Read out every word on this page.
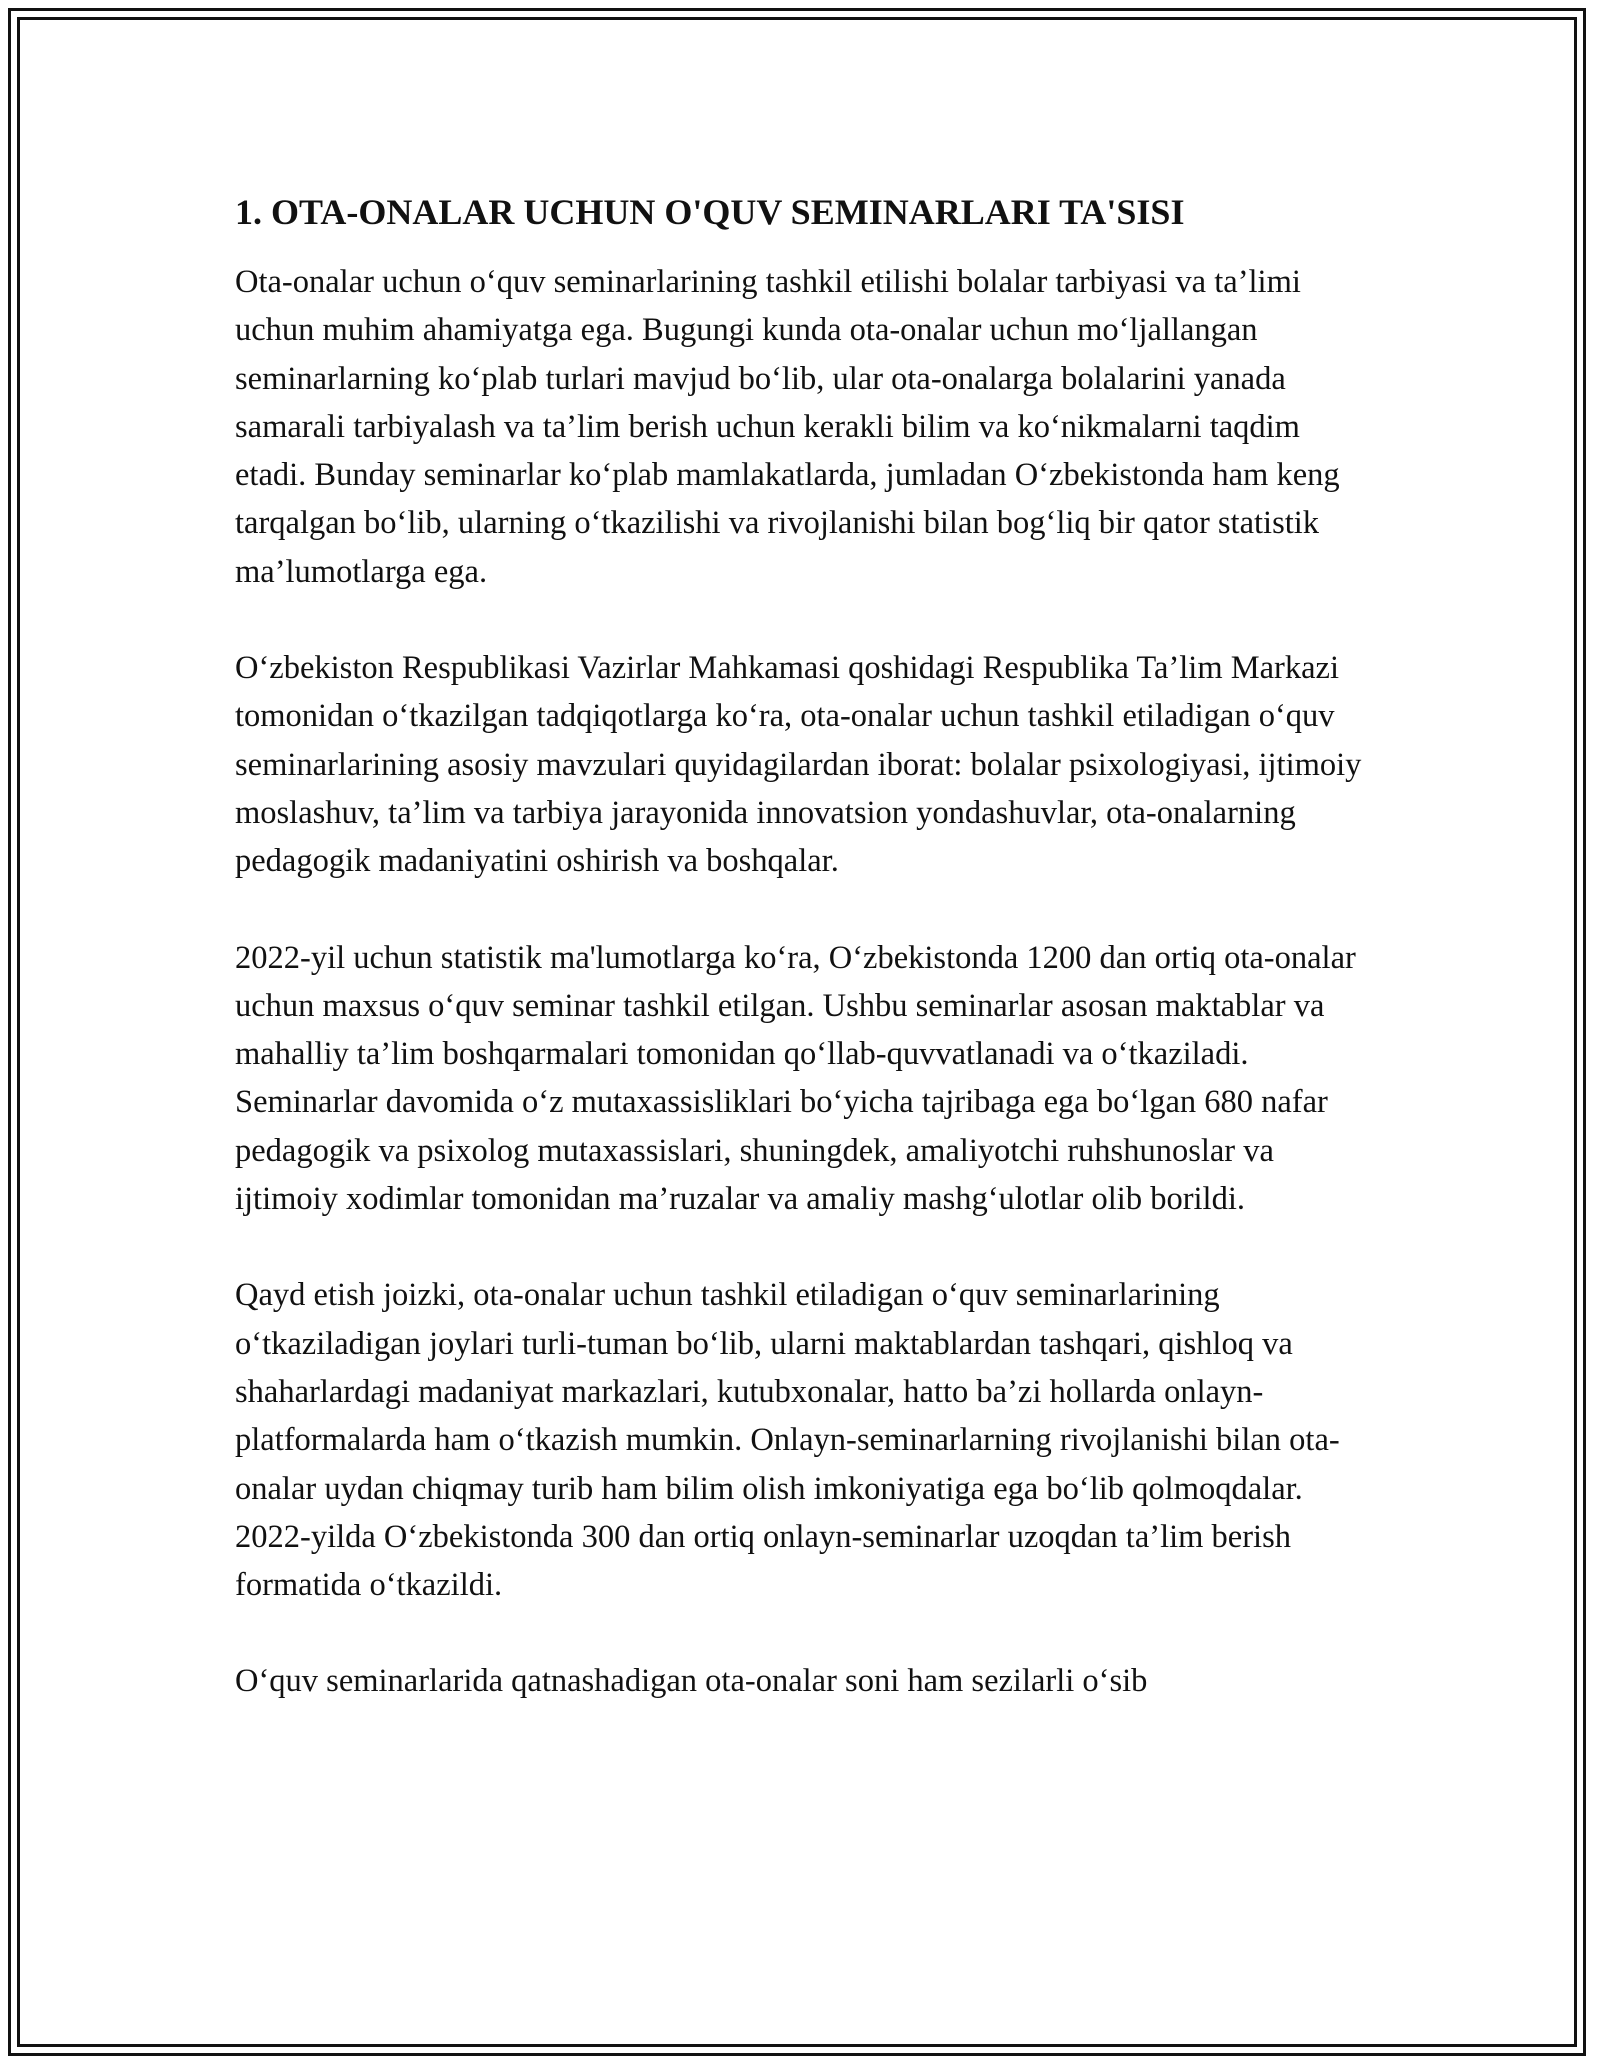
1. OTA-ONALAR UCHUN O'QUV SEMINARLARI TA'SISI

Ota-onalar uchun o‘quv seminarlarining tashkil etilishi bolalar tarbiyasi va ta’limi uchun muhim ahamiyatga ega. Bugungi kunda ota-onalar uchun mo‘ljallangan seminarlarning ko‘plab turlari mavjud bo‘lib, ular ota-onalarga bolalarini yanada samarali tarbiyalash va ta’lim berish uchun kerakli bilim va ko‘nikmalarni taqdim etadi. Bunday seminarlar ko‘plab mamlakatlarda, jumladan O‘zbekistonda ham keng tarqalgan bo‘lib, ularning o‘tkazilishi va rivojlanishi bilan bog‘liq bir qator statistik ma’lumotlarga ega.

O‘zbekiston Respublikasi Vazirlar Mahkamasi qoshidagi Respublika Ta’lim Markazi tomonidan o‘tkazilgan tadqiqotlarga ko‘ra, ota-onalar uchun tashkil etiladigan o‘quv seminarlarining asosiy mavzulari quyidagilardan iborat: bolalar psixologiyasi, ijtimoiy moslashuv, ta’lim va tarbiya jarayonida innovatsion yondashuvlar, ota-onalarning pedagogik madaniyatini oshirish va boshqalar.

2022-yil uchun statistik ma'lumotlarga ko‘ra, O‘zbekistonda 1200 dan ortiq ota-onalar uchun maxsus o‘quv seminar tashkil etilgan. Ushbu seminarlar asosan maktablar va mahalliy ta’lim boshqarmalari tomonidan qo‘llab-quvvatlanadi va o‘tkaziladi. Seminarlar davomida o‘z mutaxassisliklari bo‘yicha tajribaga ega bo‘lgan 680 nafar pedagogik va psixolog mutaxassislari, shuningdek, amaliyotchi ruhshunoslar va ijtimoiy xodimlar tomonidan ma’ruzalar va amaliy mashg‘ulotlar olib borildi.

Qayd etish joizki, ota-onalar uchun tashkil etiladigan o‘quv seminarlarining o‘tkaziladigan joylari turli-tuman bo‘lib, ularni maktablardan tashqari, qishloq va shaharlardagi madaniyat markazlari, kutubxonalar, hatto ba’zi hollarda onlayn-platformalarda ham o‘tkazish mumkin. Onlayn-seminarlarning rivojlanishi bilan ota-onalar uydan chiqmay turib ham bilim olish imkoniyatiga ega bo‘lib qolmoqdalar. 2022-yilda O‘zbekistonda 300 dan ortiq onlayn-seminarlar uzoqdan ta’lim berish formatida o‘tkazildi.

O‘quv seminarlarida qatnashadigan ota-onalar soni ham sezilarli o‘sib
